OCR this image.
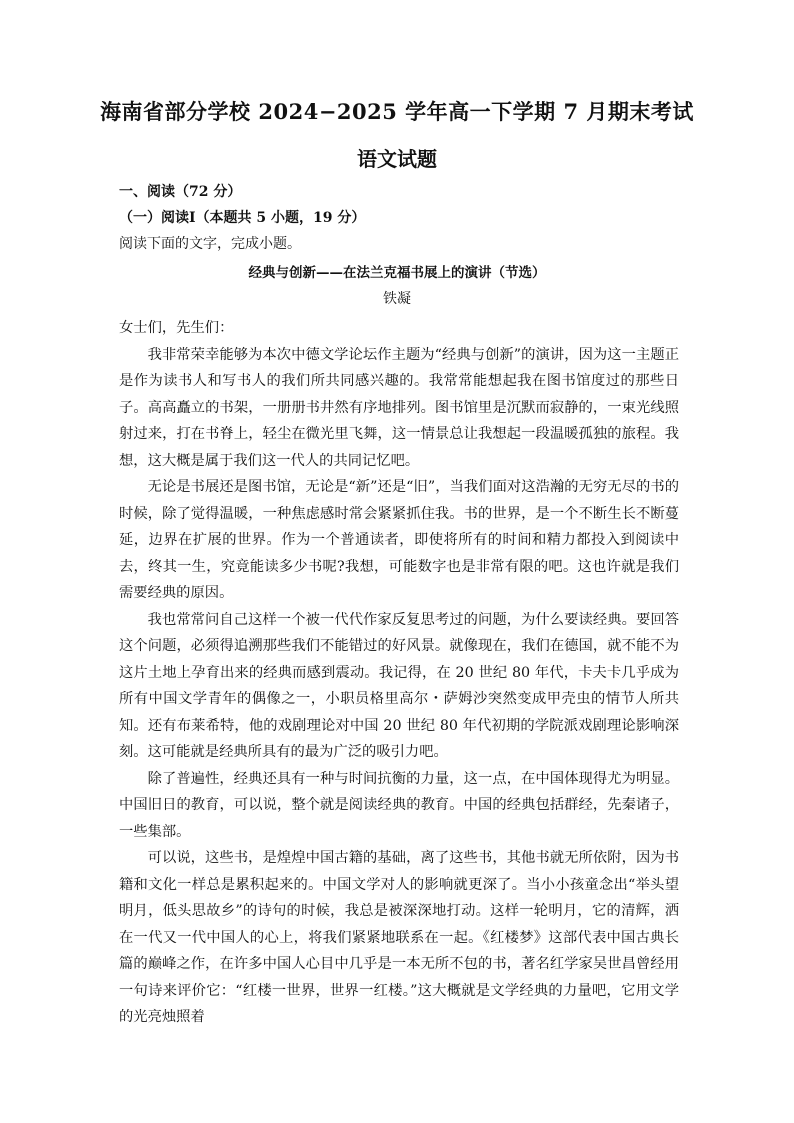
海南省部分学校 2024−2025 学年高一下学期 7 月期末考试
语文试题
一、阅读（72 分）
（一）阅读Ⅰ（本题共 5 小题，19 分）
阅读下面的文字，完成小题。
经典与创新——在法兰克福书展上的演讲（节选）
铁凝

女士们，先生们：

我非常荣幸能够为本次中德文学论坛作主题为“经典与创新”的演讲，因为这一主题正是作为读书人和写书人的我们所共同感兴趣的。我常常能想起我在图书馆度过的那些日子。高高矗立的书架，一册册书井然有序地排列。图书馆里是沉默而寂静的，一束光线照射过来，打在书脊上，轻尘在微光里飞舞，这一情景总让我想起一段温暖孤独的旅程。我想，这大概是属于我们这一代人的共同记忆吧。

无论是书展还是图书馆，无论是“新”还是“旧”，当我们面对这浩瀚的无穷无尽的书的时候，除了觉得温暖，一种焦虑感时常会紧紧抓住我。书的世界，是一个不断生长不断蔓延，边界在扩展的世界。作为一个普通读者，即使将所有的时间和精力都投入到阅读中去，终其一生，究竟能读多少书呢?我想，可能数字也是非常有限的吧。这也许就是我们需要经典的原因。

我也常常问自己这样一个被一代代作家反复思考过的问题，为什么要读经典。要回答这个问题，必须得追溯那些我们不能错过的好风景。就像现在，我们在德国，就不能不为这片土地上孕育出来的经典而感到震动。我记得，在 20 世纪 80 年代，卡夫卡几乎成为所有中国文学青年的偶像之一，小职员格里高尔・萨姆沙突然变成甲壳虫的情节人所共知。还有布莱希特，他的戏剧理论对中国 20 世纪 80 年代初期的学院派戏剧理论影响深刻。这可能就是经典所具有的最为广泛的吸引力吧。

除了普遍性，经典还具有一种与时间抗衡的力量，这一点，在中国体现得尤为明显。中国旧日的教育，可以说，整个就是阅读经典的教育。中国的经典包括群经，先秦诸子，一些集部。

可以说，这些书，是煌煌中国古籍的基础，离了这些书，其他书就无所依附，因为书籍和文化一样总是累积起来的。中国文学对人的影响就更深了。当小小孩童念出“举头望明月，低头思故乡”的诗句的时候，我总是被深深地打动。这样一轮明月，它的清辉，洒在一代又一代中国人的心上，将我们紧紧地联系在一起。《红楼梦》这部代表中国古典长篇的巅峰之作，在许多中国人心目中几乎是一本无所不包的书，著名红学家吴世昌曾经用一句诗来评价它：“红楼一世界，世界一红楼。”这大概就是文学经典的力量吧，它用文学的光亮烛照着
